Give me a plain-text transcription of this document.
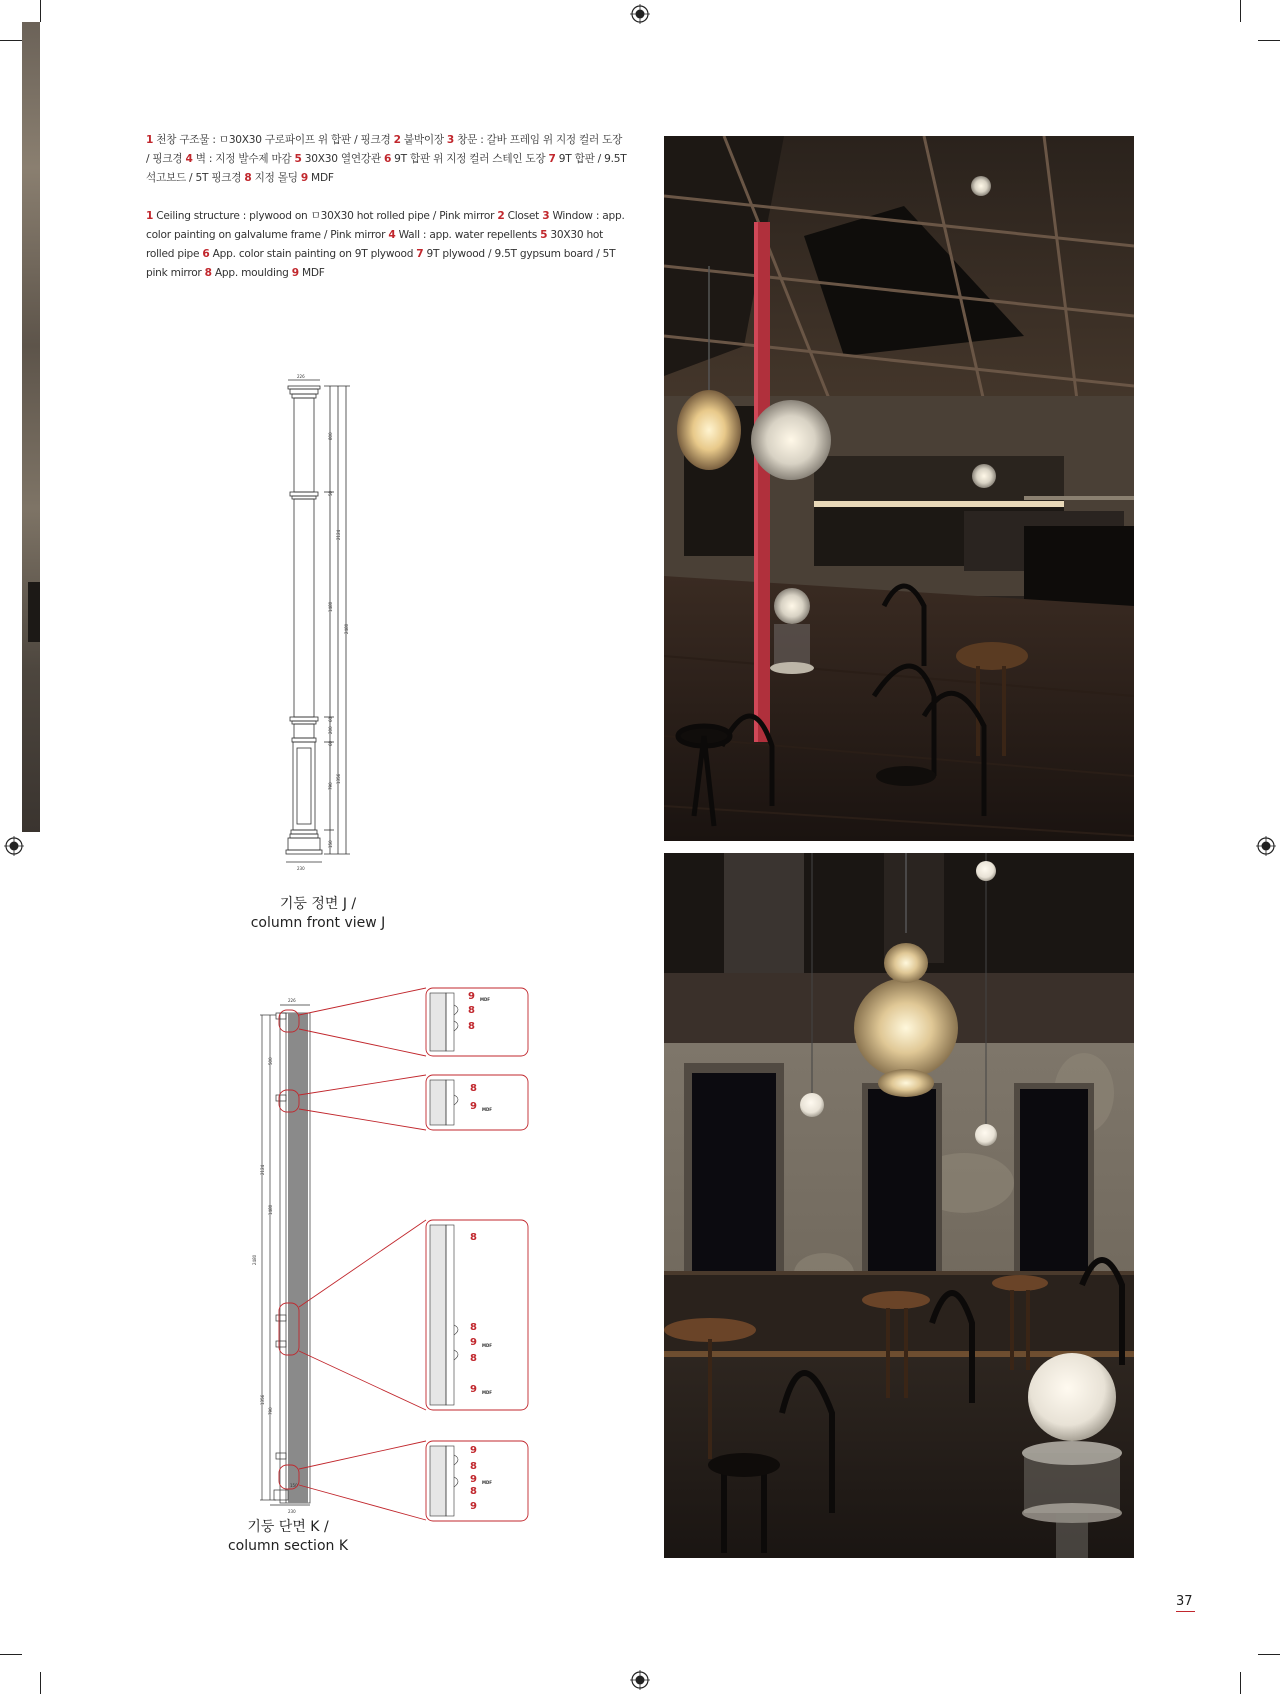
1 천창 구조물 : ㅁ30X30 구로파이프 위 합판 / 핑크경 2 붙박이장 3 창문 : 갈바 프레임 위 지정 컬러 도장 / 핑크경 4 벽 : 지정 발수제 마감 5 30X30 열연강관 6 9T 합판 위 지정 컬러 스테인 도장 7 9T 합판 / 9.5T 석고보드 / 5T 핑크경 8 지정 몰딩 9 MDF

1 Ceiling structure : plywood on ㅁ30X30 hot rolled pipe / Pink mirror 2 Closet 3 Window : app. color painting on galvalume frame / Pink mirror 4 Wall : app. water repellents 5 30X30 hot rolled pipe 6 App. color stain painting on 9T plywood 7 9T plywood / 9.5T gypsum board / 5T pink mirror 8 App. moulding 9 MDF

226
800
50
2124
1480
2480
60
200
60
1356
790
150
230
기둥 정면 J /
column front view J
226
500
2124
1480
2480
1356
790
150
230
9
8
8
8
9
8
8
9
8
9
9
8
9
8
9
MDF
MDF
MDF
MDF
MDF
기둥 단면 K /
column section K
37
